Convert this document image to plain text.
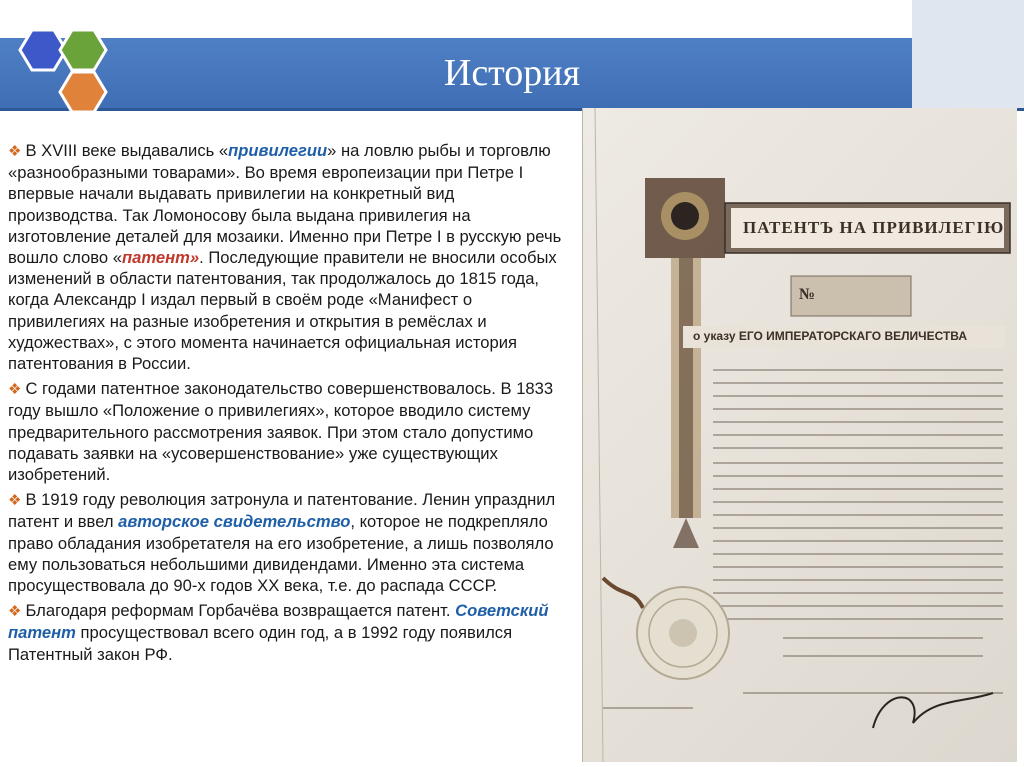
История
❖ В XVIII веке выдавались «привилегии» на ловлю рыбы и торговлю «разнообразными товарами». Во время европеизации при Петре I впервые начали выдавать привилегии на конкретный вид производства. Так Ломоносову была выдана привилегия на изготовление деталей для мозаики. Именно при Петре I в русскую речь вошло слово «патент». Последующие правители не вносили особых изменений в области патентования, так продолжалось до 1815 года, когда Александр I издал первый в своём роде «Манифест о привилегиях на разные изобретения и открытия в ремёслах и художествах», с этого момента начинается официальная история патентования в России.
❖ С годами патентное законодательство совершенствовалось. В 1833 году вышло «Положение о привилегиях», которое вводило систему предварительного рассмотрения заявок. При этом стало допустимо подавать заявки на «усовершенствование» уже существующих изобретений.
❖ В 1919 году революция затронула и патентование. Ленин упразднил патент и ввел авторское свидетельство, которое не подкрепляло право обладания изобретателя на его изобретение, а лишь позволяло ему пользоваться небольшими дивидендами. Именно эта система просуществовала до 90-х годов XX века, т.е. до распада СССР.
❖ Благодаря реформам Горбачёва возвращается патент. Советский патент просуществовал всего один год, а в 1992 году появился Патентный закон РФ.
ПАТЕНТЪ НА ПРИВИЛЕГІЮ
№
о указу ЕГО ИМПЕРАТОРСКАГО ВЕЛИЧЕСТВА
